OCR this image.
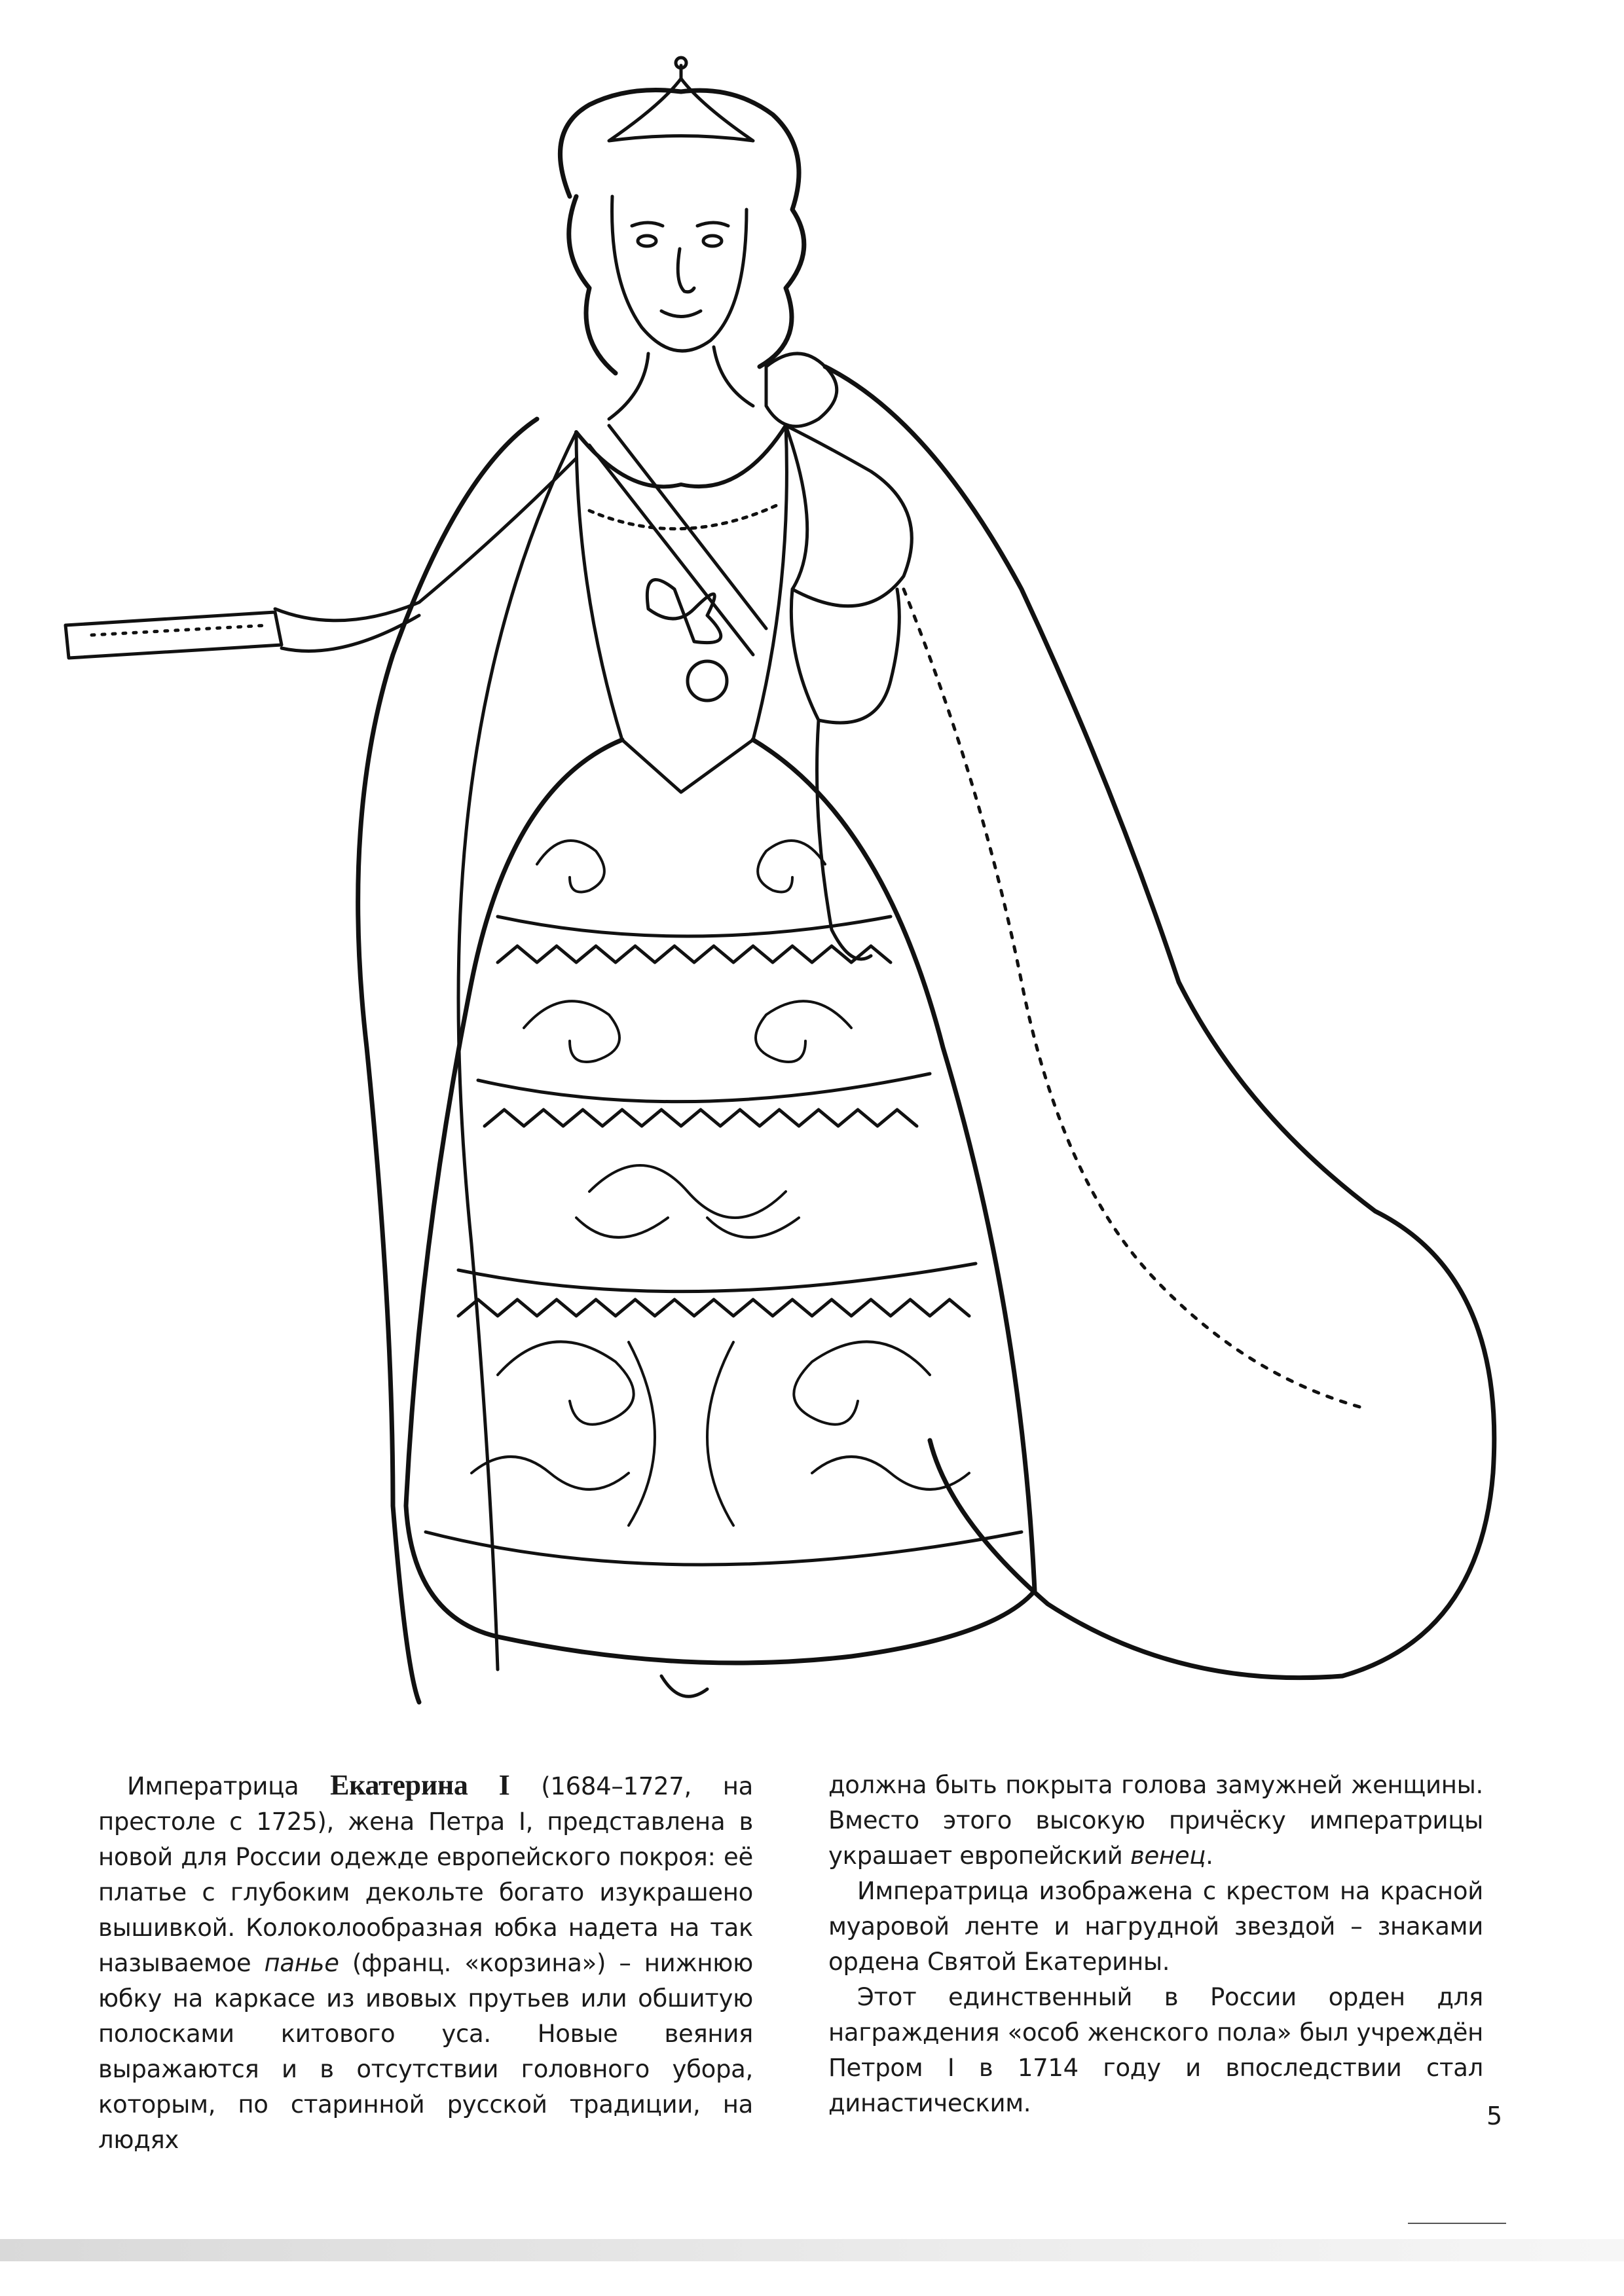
Императрица Екатерина I (1684–1727, на престоле с 1725), жена Петра I, представлена в новой для России одежде европейского покроя: её платье с глубоким декольте богато изукрашено вышивкой. Колоколообразная юбка надета на так называемое панье (франц. «корзина») – нижнюю юбку на каркасе из ивовых прутьев или обшитую полосками китового уса. Новые веяния выражаются и в отсутствии головного убора, которым, по старинной русской традиции, на людях

должна быть покрыта голова замужней женщины. Вместо этого высокую причёску императрицы украшает европейский венец.

Императрица изображена с крестом на красной муаровой ленте и нагрудной звездой – знаками ордена Святой Екатерины.

Этот единственный в России орден для награждения «особ женского пола» был учреждён Петром I в 1714 году и впоследствии стал династическим.	5
